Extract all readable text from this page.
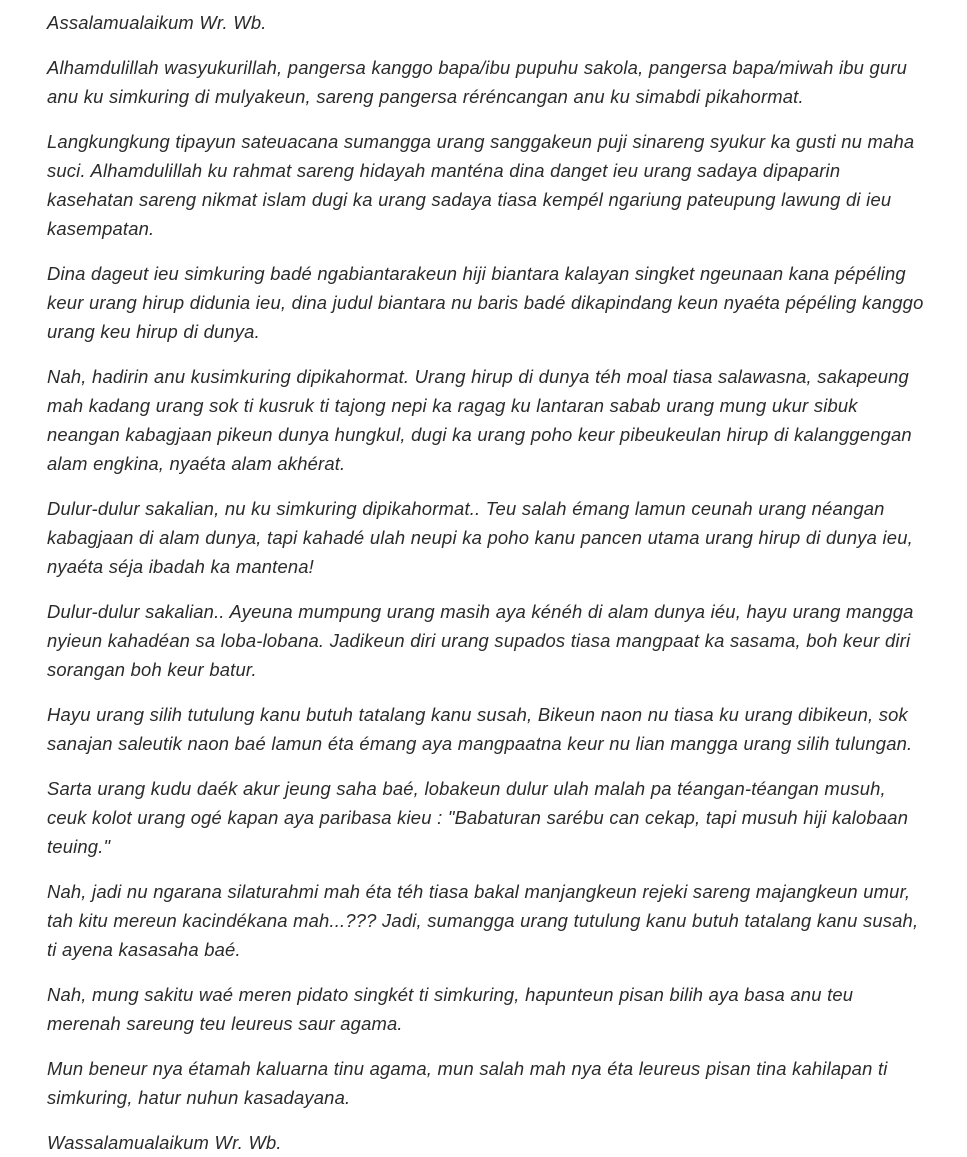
Assalamualaikum Wr. Wb.

Alhamdulillah wasyukurillah, pangersa kanggo bapa/ibu pupuhu sakola, pangersa bapa/miwah ibu guru anu ku simkuring di mulyakeun, sareng pangersa réréncangan anu ku simabdi pikahormat.

Langkungkung tipayun sateuacana sumangga urang sanggakeun puji sinareng syukur ka gusti nu maha suci. Alhamdulillah ku rahmat sareng hidayah manténa dina danget ieu urang sadaya dipaparin kasehatan sareng nikmat islam dugi ka urang sadaya tiasa kempél ngariung pateupung lawung di ieu kasempatan.

Dina dageut ieu simkuring badé ngabiantarakeun hiji biantara kalayan singket ngeunaan kana pépéling keur urang hirup didunia ieu, dina judul biantara nu baris badé dikapindang keun nyaéta pépéling kanggo urang keu hirup di dunya.

Nah, hadirin anu kusimkuring dipikahormat. Urang hirup di dunya téh moal tiasa salawasna, sakapeung mah kadang urang sok ti kusruk ti tajong nepi ka ragag ku lantaran sabab urang mung ukur sibuk neangan kabagjaan pikeun dunya hungkul, dugi ka urang poho keur pibeukeulan hirup di kalanggengan alam engkina, nyaéta alam akhérat.

Dulur-dulur sakalian, nu ku simkuring dipikahormat.. Teu salah émang lamun ceunah urang néangan kabagjaan di alam dunya, tapi kahadé ulah neupi ka poho kanu pancen utama urang hirup di dunya ieu, nyaéta séja ibadah ka mantena!

Dulur-dulur sakalian.. Ayeuna mumpung urang masih aya kénéh di alam dunya iéu, hayu urang mangga nyieun kahadéan sa loba-lobana. Jadikeun diri urang supados tiasa mangpaat ka sasama, boh keur diri sorangan boh keur batur.

Hayu urang silih tutulung kanu butuh tatalang kanu susah, Bikeun naon nu tiasa ku urang dibikeun, sok sanajan saleutik naon baé lamun éta émang aya mangpaatna keur nu lian mangga urang silih tulungan.

Sarta urang kudu daék akur jeung saha baé, lobakeun dulur ulah malah pa téangan-téangan musuh, ceuk kolot urang ogé kapan aya paribasa kieu : "Babaturan sarébu can cekap, tapi musuh hiji kalobaan teuing."

Nah, jadi nu ngarana silaturahmi mah éta téh tiasa bakal manjangkeun rejeki sareng majangkeun umur, tah kitu mereun kacindékana mah...??? Jadi, sumangga urang tutulung kanu butuh tatalang kanu susah, ti ayena kasasaha baé.

Nah, mung sakitu waé meren pidato singkét ti simkuring, hapunteun pisan bilih aya basa anu teu merenah sareung teu leureus saur agama.

Mun beneur nya étamah kaluarna tinu agama, mun salah mah nya éta leureus pisan tina kahilapan ti simkuring, hatur nuhun kasadayana.

Wassalamualaikum Wr. Wb.
